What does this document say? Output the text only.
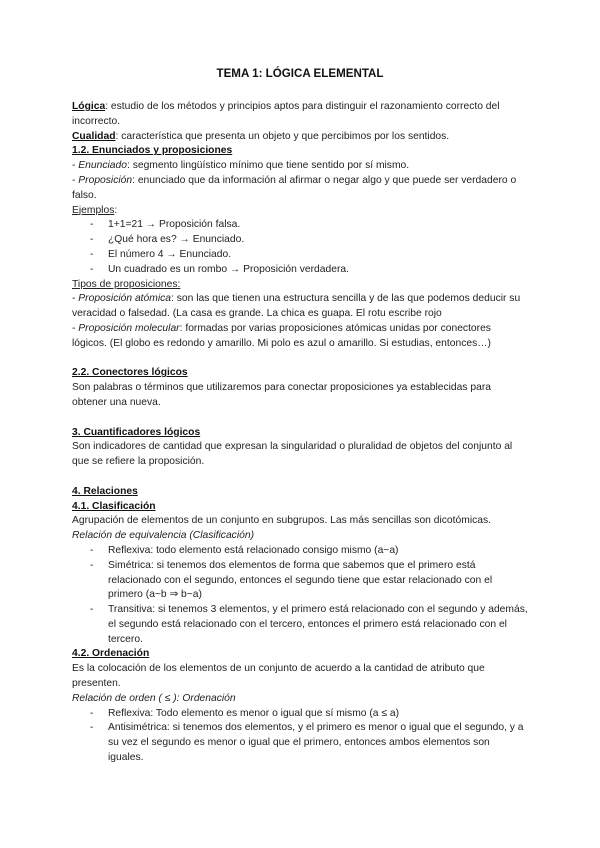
TEMA 1: LÓGICA ELEMENTAL

Lógica: estudio de los métodos y principios aptos para distinguir el razonamiento correcto del incorrecto.

Cualidad: característica que presenta un objeto y que percibimos por los sentidos.

1.2. Enunciados y proposiciones

- Enunciado: segmento lingüístico mínimo que tiene sentido por sí mismo.

- Proposición: enunciado que da información al afirmar o negar algo y que puede ser verdadero o falso.

Ejemplos:

- 1+1=21 → Proposición falsa.
- ¿Qué hora es? → Enunciado.
- El número 4 → Enunciado.
- Un cuadrado es un rombo → Proposición verdadera.

Tipos de proposiciones:

- Proposición atómica: son las que tienen una estructura sencilla y de las que podemos deducir su veracidad o falsedad. (La casa es grande. La chica es guapa. El rotu escribe rojo

- Proposición molecular: formadas por varias proposiciones atómicas unidas por conectores lógicos. (El globo es redondo y amarillo. Mi polo es azul o amarillo. Si estudias, entonces…)

2.2. Conectores lógicos

Son palabras o términos que utilizaremos para conectar proposiciones ya establecidas para obtener una nueva.

3. Cuantificadores lógicos

Son indicadores de cantidad que expresan la singularidad o pluralidad de objetos del conjunto al que se refiere la proposición.

4. Relaciones

4.1. Clasificación

Agrupación de elementos de un conjunto en subgrupos. Las más sencillas son dicotómicas.

Relación de equivalencia (Clasificación)

- Reflexiva: todo elemento está relacionado consigo mismo (a~a)
- Simétrica: si tenemos dos elementos de forma que sabemos que el primero está relacionado con el segundo, entonces el segundo tiene que estar relacionado con el primero (a~b ⇒ b~a)
- Transitiva: si tenemos 3 elementos, y el primero está relacionado con el segundo y además, el segundo está relacionado con el tercero, entonces el primero está relacionado con el tercero.

4.2. Ordenación

Es la colocación de los elementos de un conjunto de acuerdo a la cantidad de atributo que presenten.

Relación de orden ( ≤ ): Ordenación

- Reflexiva: Todo elemento es menor o igual que sí mismo (a ≤ a)
- Antisimétrica: si tenemos dos elementos, y el primero es menor o igual que el segundo, y a su vez el segundo es menor o igual que el primero, entonces ambos elementos son iguales.
